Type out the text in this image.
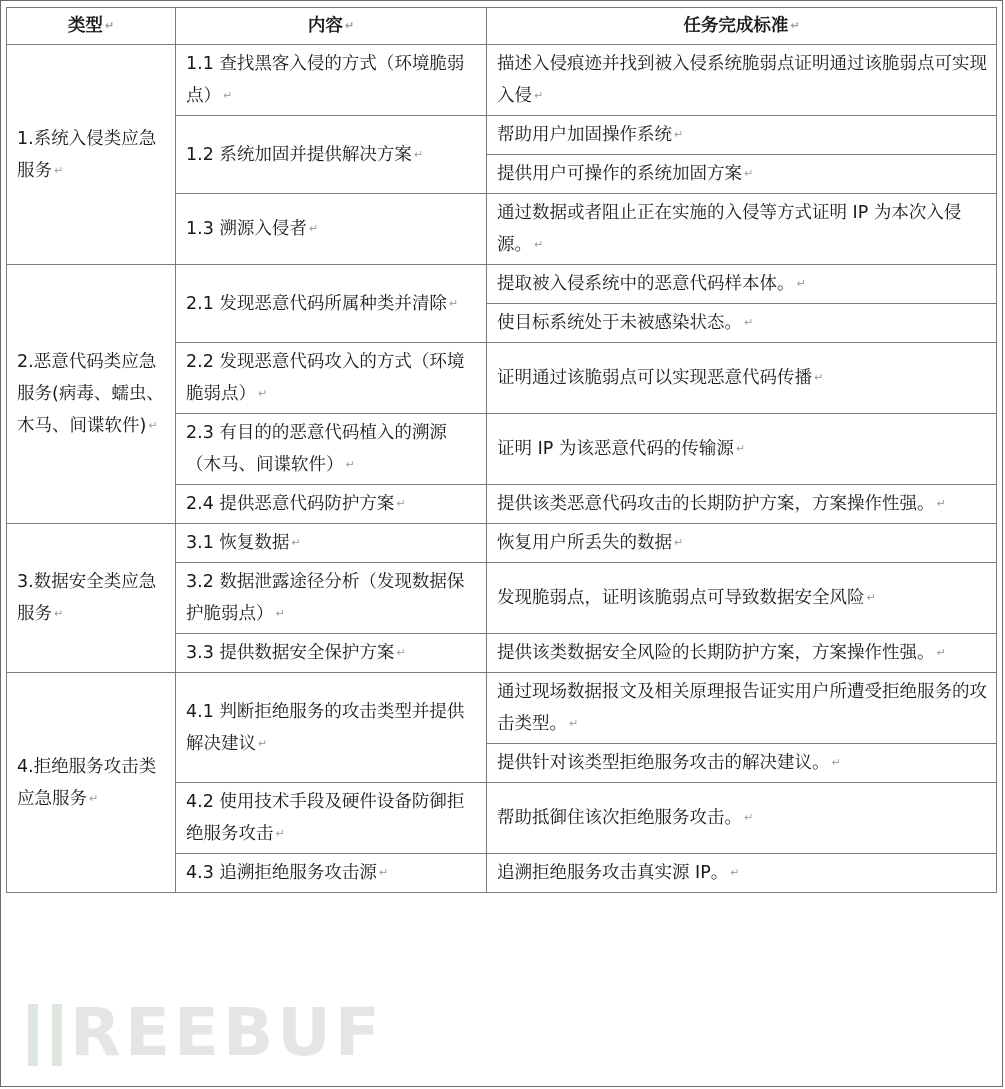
类型 ↵	内容 ↵	任务完成标准 ↵
1.系统入侵类应急服务 ↵	1.1 查找黑客入侵的方式（环境脆弱点） ↵	描述入侵痕迹并找到被入侵系统脆弱点证明通过该脆弱点可实现入侵 ↵
	1.2 系统加固并提供解决方案 ↵	帮助用户加固操作系统 ↵
		提供用户可操作的系统加固方案 ↵
	1.3 溯源入侵者 ↵	通过数据或者阻止正在实施的入侵等方式证明 IP 为本次入侵源。 ↵
2.恶意代码类应急服务(病毒、蠕虫、木马、间谍软件) ↵	2.1 发现恶意代码所属种类并清除 ↵	提取被入侵系统中的恶意代码样本体。 ↵
		使目标系统处于未被感染状态。 ↵
	2.2 发现恶意代码攻入的方式（环境脆弱点） ↵	证明通过该脆弱点可以实现恶意代码传播 ↵
	2.3 有目的的恶意代码植入的溯源（木马、间谍软件） ↵	证明 IP 为该恶意代码的传输源 ↵
	2.4 提供恶意代码防护方案 ↵	提供该类恶意代码攻击的长期防护方案，方案操作性强。 ↵
3.数据安全类应急服务 ↵	3.1 恢复数据 ↵	恢复用户所丢失的数据 ↵
	3.2 数据泄露途径分析（发现数据保护脆弱点） ↵	发现脆弱点，证明该脆弱点可导致数据安全风险 ↵
	3.3 提供数据安全保护方案 ↵	提供该类数据安全风险的长期防护方案，方案操作性强。 ↵
4.拒绝服务攻击类应急服务 ↵	4.1 判断拒绝服务的攻击类型并提供解决建议 ↵	通过现场数据报文及相关原理报告证实用户所遭受拒绝服务的攻击类型。 ↵
		提供针对该类型拒绝服务攻击的解决建议。 ↵
	4.2 使用技术手段及硬件设备防御拒绝服务攻击 ↵	帮助抵御住该次拒绝服务攻击。 ↵
	4.3 追溯拒绝服务攻击源 ↵	追溯拒绝服务攻击真实源 IP。 ↵
REEBUF
